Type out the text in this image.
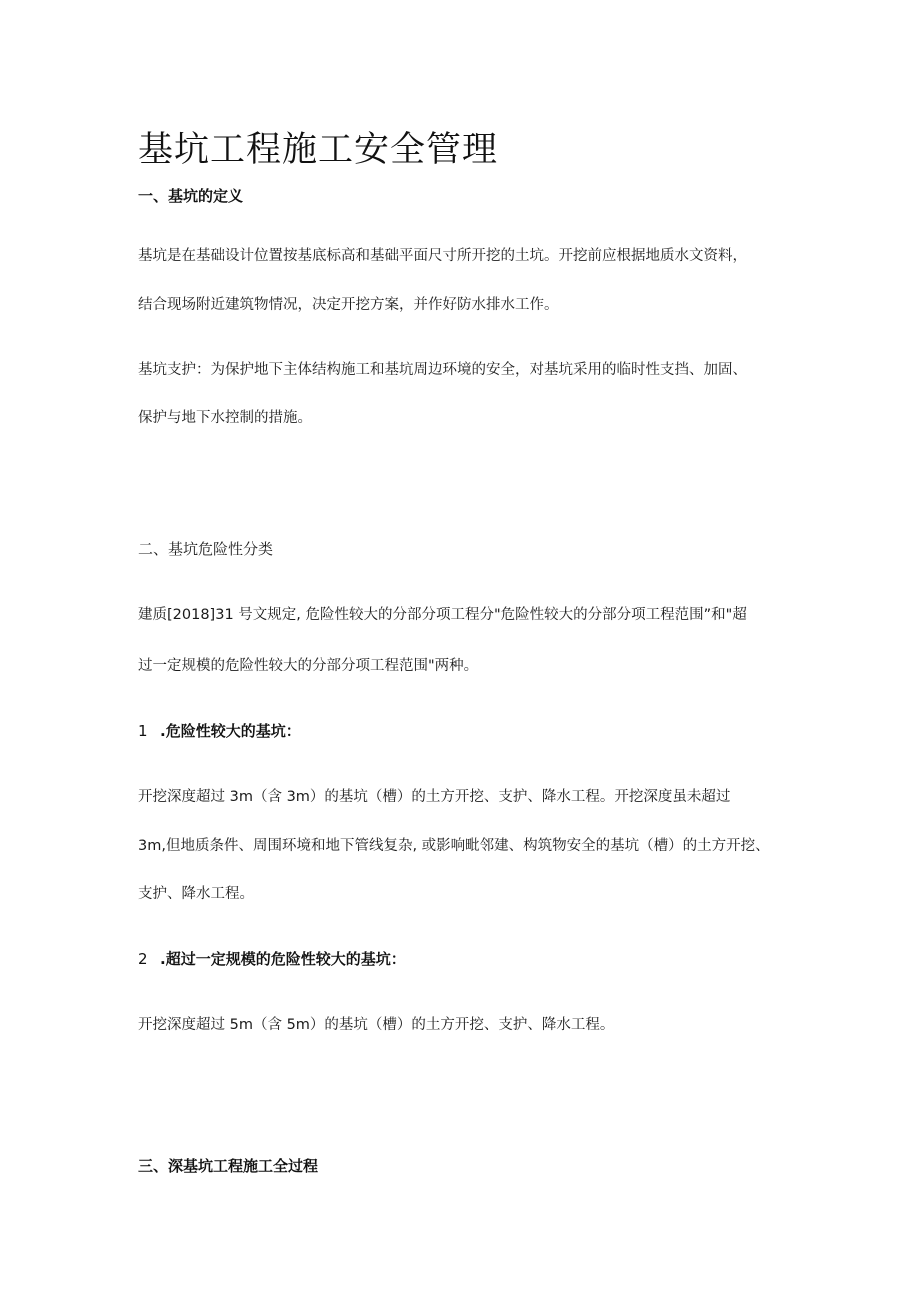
基坑工程施工安全管理
一、基坑的定义
基坑是在基础设计位置按基底标高和基础平面尺寸所开挖的土坑。开挖前应根据地质水文资料，
结合现场附近建筑物情况，决定开挖方案，并作好防水排水工作。
基坑支护：为保护地下主体结构施工和基坑周边环境的安全，对基坑采用的临时性支挡、加固、
保护与地下水控制的措施。
二、基坑危险性分类
建质[2018]31 号文规定, 危险性较大的分部分项工程分"危险性较大的分部分项工程范围”和"超
过一定规模的危险性较大的分部分项工程范围"两种。
1 .危险性较大的基坑：
开挖深度超过 3m（含 3m）的基坑（槽）的土方开挖、支护、降水工程。开挖深度虽未超过
3m,但地质条件、周围环境和地下管线复杂, 或影响毗邻建、构筑物安全的基坑（槽）的土方开挖、
支护、降水工程。
2 .超过一定规模的危险性较大的基坑：
开挖深度超过 5m（含 5m）的基坑（槽）的土方开挖、支护、降水工程。
三、深基坑工程施工全过程
